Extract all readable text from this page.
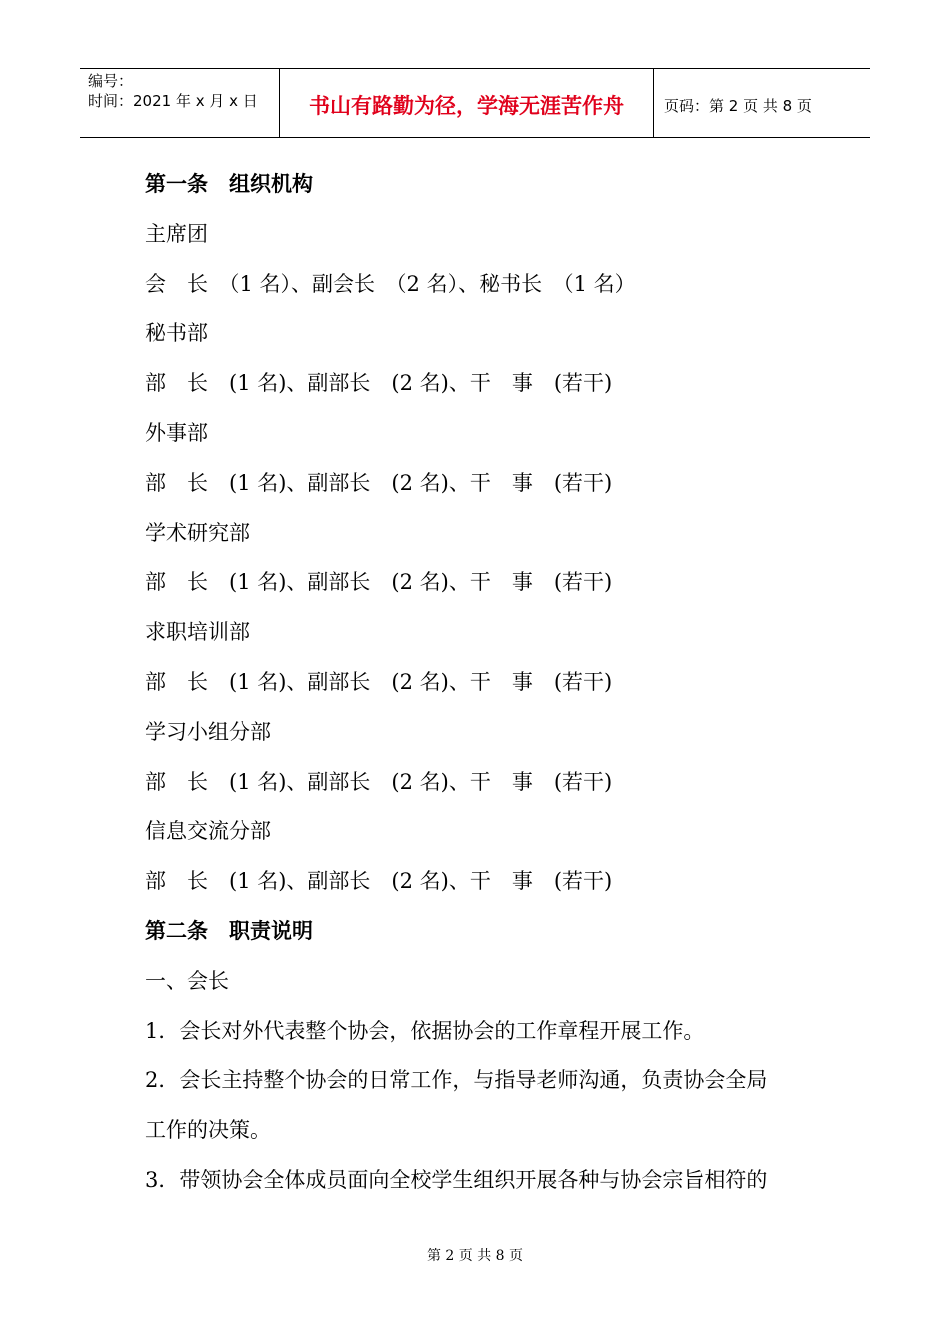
编号：
时间：2021 年 x 月 x 日	书山有路勤为径，学海无涯苦作舟	页码：第 2 页 共 8 页
第一条　组织机构
主席团
会　长　（1 名）、副会长　（2 名）、秘书长　（1 名）
秘书部
部　长　(1 名)、副部长　(2 名)、干　事　(若干)
外事部
部　长　(1 名)、副部长　(2 名)、干　事　(若干)
学术研究部
部　长　(1 名)、副部长　(2 名)、干　事　(若干)
求职培训部
部　长　(1 名)、副部长　(2 名)、干　事　(若干)
学习小组分部
部　长　(1 名)、副部长　(2 名)、干　事　(若干)
信息交流分部
部　长　(1 名)、副部长　(2 名)、干　事　(若干)
第二条　职责说明
一、会长
1．会长对外代表整个协会，依据协会的工作章程开展工作。
2．会长主持整个协会的日常工作，与指导老师沟通，负责协会全局
工作的决策。
3．带领协会全体成员面向全校学生组织开展各种与协会宗旨相符的
第 2 页 共 8 页
